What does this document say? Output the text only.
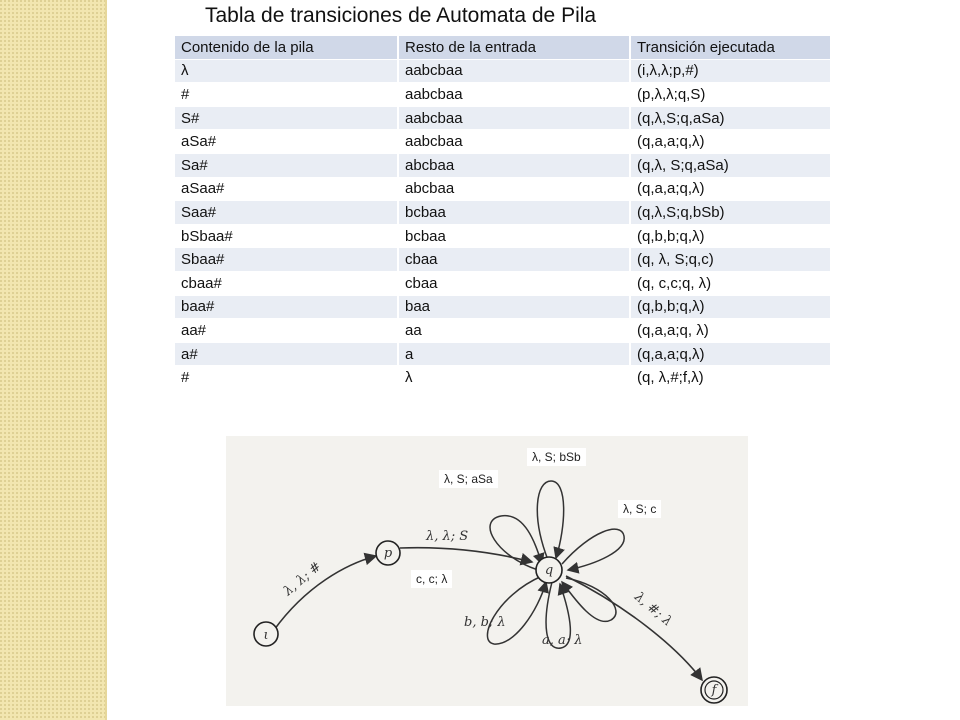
Tabla de transiciones de Automata de Pila
Contenido de la pila	Resto de la entrada	Transición ejecutada
λ	aabcbaa	(i,λ,λ;p,#)
#	aabcbaa	(p,λ,λ;q,S)
S#	aabcbaa	(q,λ,S;q,aSa)
aSa#	aabcbaa	(q,a,a;q,λ)
Sa#	abcbaa	(q,λ, S;q,aSa)
aSaa#	abcbaa	(q,a,a;q,λ)
Saa#	bcbaa	(q,λ,S;q,bSb)
bSbaa#	bcbaa	(q,b,b;q,λ)
Sbaa#	cbaa	(q, λ, S;q,c)
cbaa#	cbaa	(q, c,c;q, λ)
baa#	baa	(q,b,b;q,λ)
aa#	aa	(q,a,a;q, λ)
a#	a	(q,a,a;q,λ)
#	λ	(q, λ,#;f,λ)
ι
p
q
f
λ, λ; #
λ, λ; S
λ, #; λ
b, b; λ
a, a; λ
λ, S; bSb
λ, S; aSa
λ, S; c
c, c; λ
